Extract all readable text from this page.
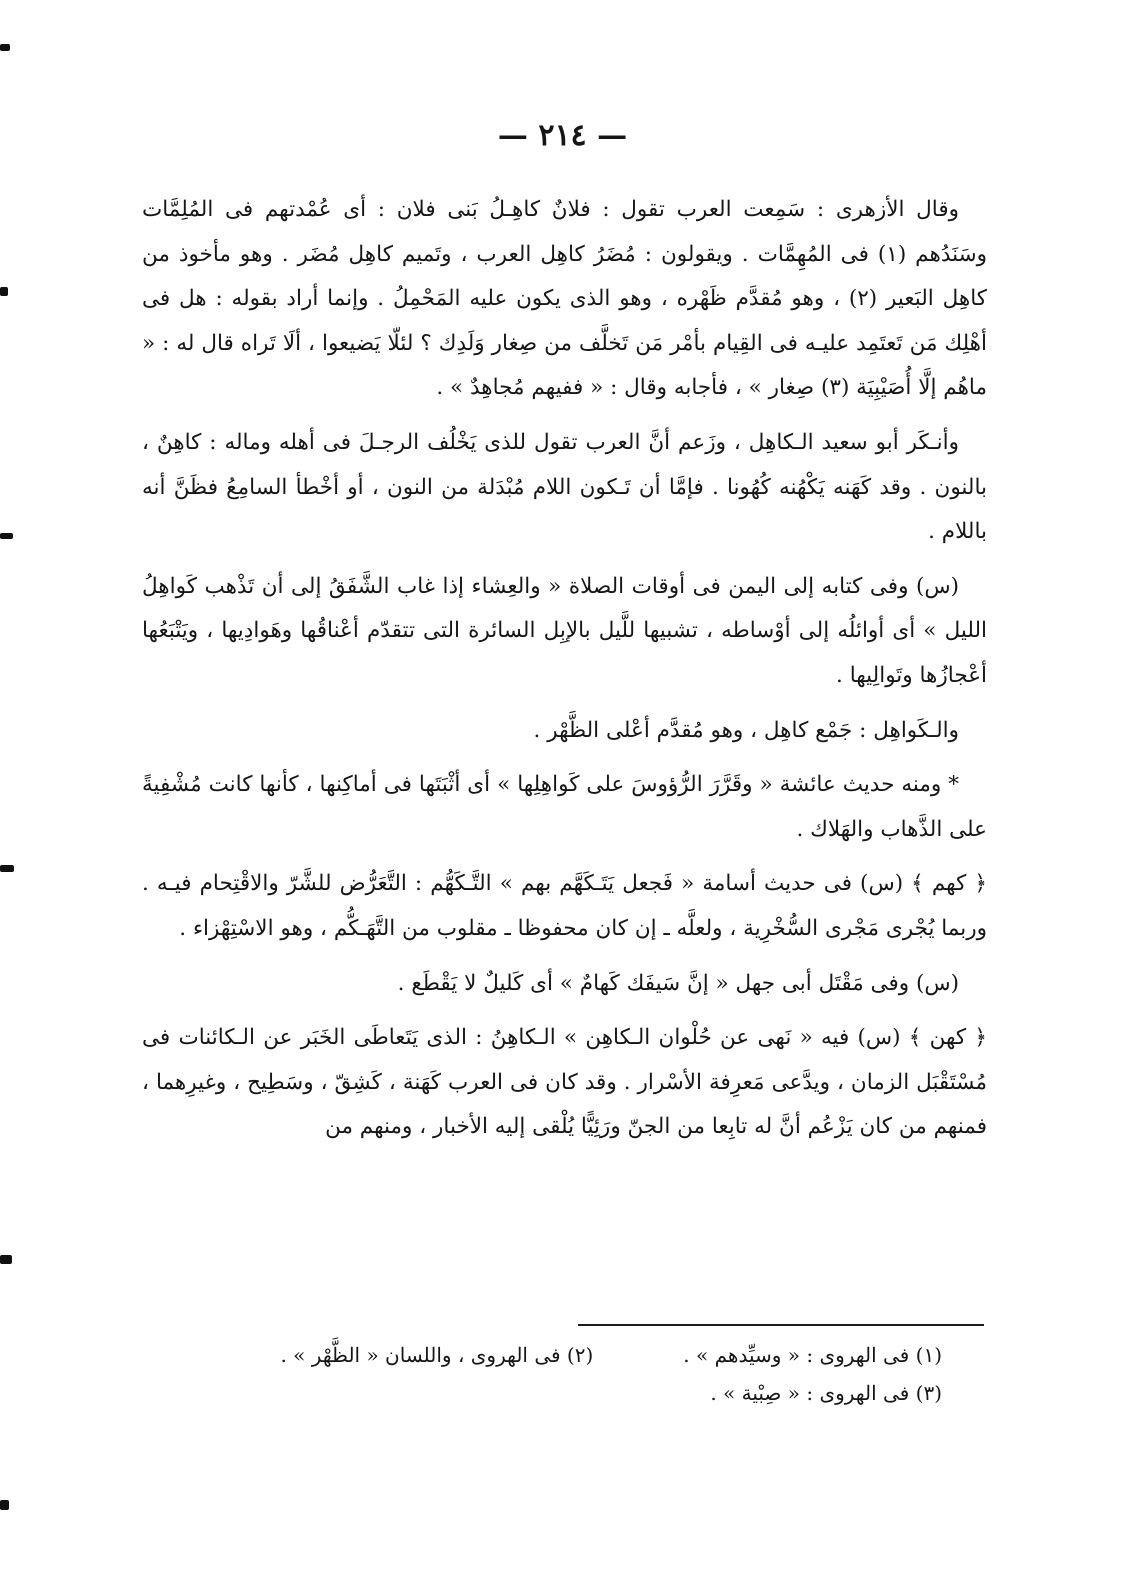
— ٢١٤ —

وقال الأزهرى : سَمِعت العرب تقول : فلانٌ كاهِـلُ بَنى فلان : أى عُمْدتهم فى المُلِمَّات وسَنَدُهم (١) فى المُهِمَّات . ويقولون : مُضَرُ كاهِل العرب ، وتَميم كاهِل مُضَر . وهو مأخوذ من كاهِل البَعير (٢) ، وهو مُقدَّم ظَهْره ، وهو الذى يكون عليه المَحْمِلُ . وإنما أراد بقوله : هل فى أهْلِك مَن تَعتَمِد عليـه فى القِيام بأمْر مَن تَخلَّف من صِغار وَلَدِك ؟ لئلّا يَضيعوا ، ألَا تَراه قال له : « ماهُم إلَّا أُصَيْبِيَة (٣) صِغار » ، فأجابه وقال : « ففيهم مُجاهِدٌ » .

وأنـكَر أبو سعيد الـكاهِل ، وزَعم أنَّ العرب تقول للذى يَخْلُف الرجـلَ فى أهله وماله : كاهِنٌ ، بالنون . وقد كَهَنه يَكْهُنه كُهُونا . فإمَّا أن تَـكون اللام مُبْدَلة من النون ، أو أخْطأ السامِعُ فظَنَّ أنه باللام .

(س) وفى كتابه إلى اليمن فى أوقات الصلاة « والعِشاء إذا غاب الشَّفَقُ إلى أن تَذْهب كَواهِلُ الليل » أى أوائلُه إلى أوْساطه ، تشبيها للَّيل بالإبِل السائرة التى تتقدّم أعْناقُها وهَوادِيها ، ويَتْبَعُها أعْجازُها وتَوالِيها .

والـكَواهِل : جَمْع كاهِل ، وهو مُقدَّم أعْلى الظَّهْر .

* ومنه حديث عائشة « وقَرَّرَ الرُّؤوسَ على كَواهِلِها » أى أثْبَتَها فى أماكِنها ، كأنها كانت مُشْفِيةً على الذَّهاب والهَلاك .

﴿ كهم ﴾ (س) فى حديث أسامة « فَجعل يَتَـكَهَّم بهم » التَّـكَهُّم : التَّعَرُّض للشَّرّ والاقْتِحام فيـه . وربما يُجْرى مَجْرى السُّخْرِية ، ولعلَّه ـ إن كان محفوظا ـ مقلوب من التَّهَـكُّم ، وهو الاسْتِهْزاء .

(س) وفى مَقْتَل أبى جهل « إنَّ سَيفَك كَهامٌ » أى كَليلٌ لا يَقْطَع .

﴿ كهن ﴾ (س) فيه « نَهى عن حُلْوان الـكاهِن » الـكاهِنُ : الذى يَتَعاطَى الخَبَر عن الـكائنات فى مُسْتَقْبَل الزمان ، ويدَّعى مَعرِفة الأسْرار . وقد كان فى العرب كَهَنة ، كَشِقّ ، وسَطِيح ، وغيرِهما ، فمنهم من كان يَزْعُم أنَّ له تابِعا من الجنّ ورَئِيًّا يُلْقى إليه الأخبار ، ومنهم من

(١) فى الهروى : « وسيِّدهم » .
(٢) فى الهروى ، واللسان « الظَّهْر » .
(٣) فى الهروى : « صِبْية » .
